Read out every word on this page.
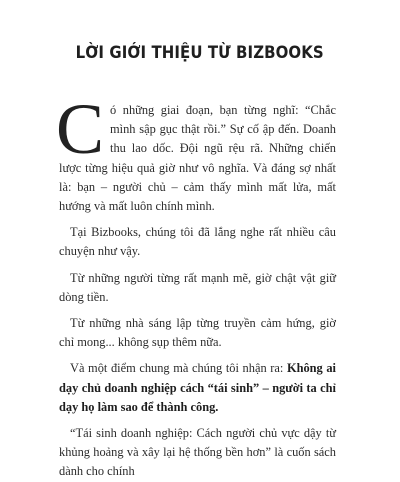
LỜI GIỚI THIỆU TỪ BIZBOOKS

Có những giai đoạn, bạn từng nghĩ: “Chắc mình sập gục thật rồi.” Sự cố ập đến. Doanh thu lao dốc. Đội ngũ rệu rã. Những chiến lược từng hiệu quả giờ như vô nghĩa. Và đáng sợ nhất là: bạn – người chủ – cảm thấy mình mất lửa, mất hướng và mất luôn chính mình.

Tại Bizbooks, chúng tôi đã lắng nghe rất nhiều câu chuyện như vậy.

Từ những người từng rất mạnh mẽ, giờ chật vật giữ dòng tiền.

Từ những nhà sáng lập từng truyền cảm hứng, giờ chỉ mong... không sụp thêm nữa.

Và một điểm chung mà chúng tôi nhận ra: Không ai dạy chủ doanh nghiệp cách “tái sinh” – người ta chỉ dạy họ làm sao để thành công.

“Tái sinh doanh nghiệp: Cách người chủ vực dậy từ khủng hoảng và xây lại hệ thống bền hơn” là cuốn sách dành cho chính
